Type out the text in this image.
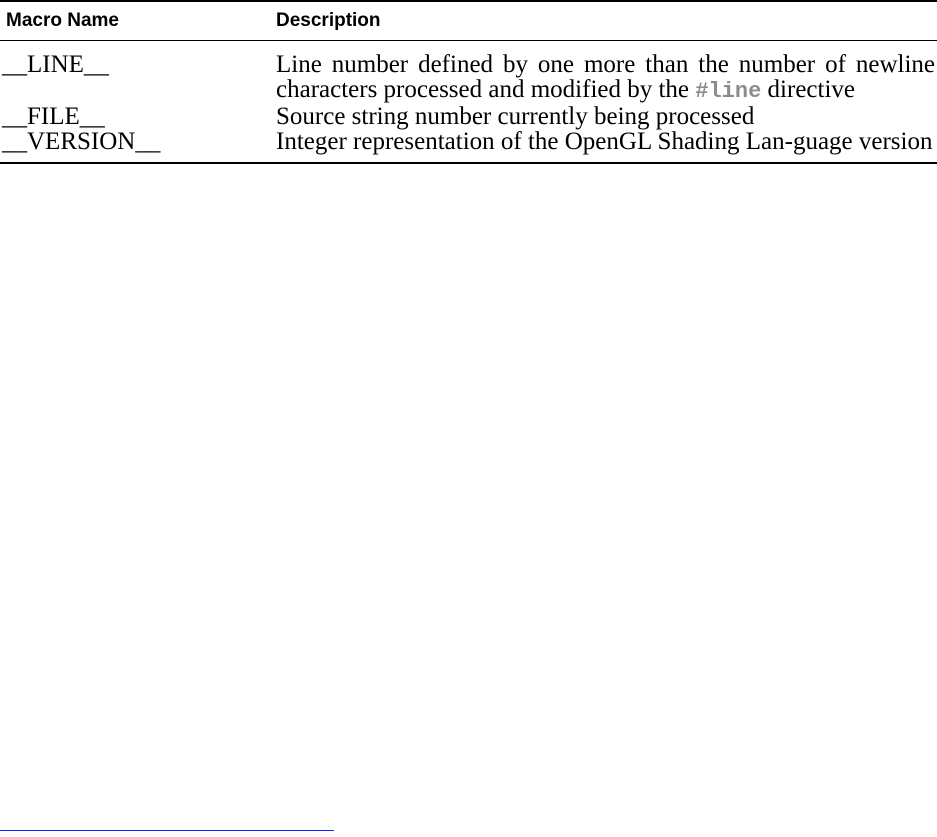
Macro Name	Description
__LINE__	Line number defined by one more than the number of newline characters processed and modified by the #line directive
__FILE__	Source string number currently being processed
__VERSION__	Integer representation of the OpenGL Shading Lan-guage version
